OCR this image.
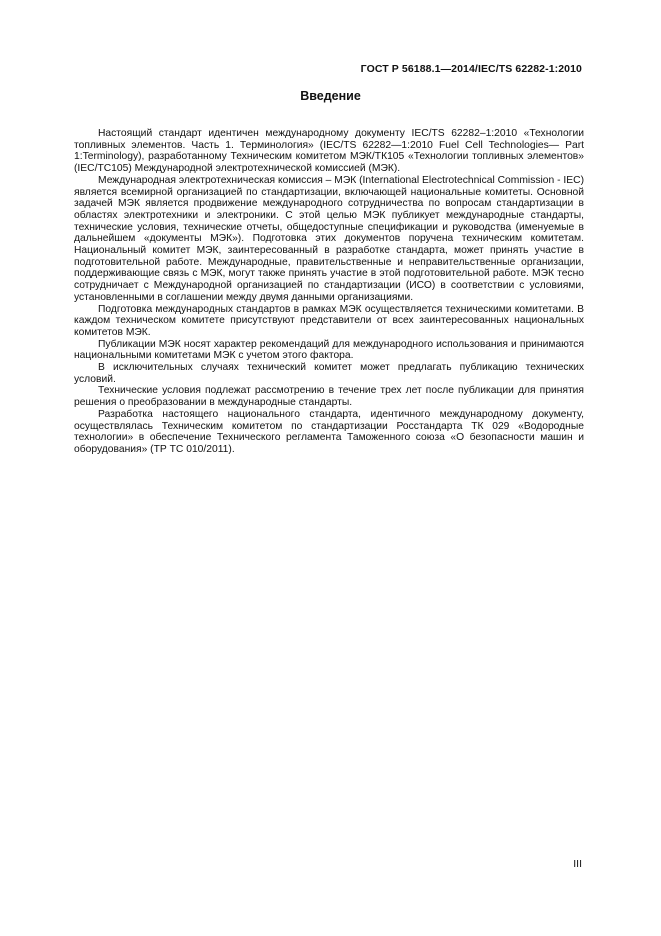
ГОСТ Р 56188.1—2014/IEC/TS 62282-1:2010
Введение

Настоящий стандарт идентичен международному документу IEC/TS 62282–1:2010 «Технологии топливных элементов. Часть 1. Терминология» (IEC/TS 62282—1:2010 Fuel Cell Technologies— Part 1:Terminology), разработанному Техническим комитетом МЭК/ТК105 «Технологии топливных элементов» (IEC/TC105) Международной электротехнической комиссией (МЭК).

Международная электротехническая комиссия – МЭК (International Electrotechnical Commission - IEC) является всемирной организацией по стандартизации, включающей национальные комитеты. Основной задачей МЭК является продвижение международного сотрудничества по вопросам стандартизации в областях электротехники и электроники. С этой целью МЭК публикует международные стандарты, технические условия, технические отчеты, общедоступные спецификации и руководства (именуемые в дальнейшем «документы МЭК»). Подготовка этих документов поручена техническим комитетам. Национальный комитет МЭК, заинтересованный в разработке стандарта, может принять участие в подготовительной работе. Международные, правительственные и неправительственные организации, поддерживающие связь с МЭК, могут также принять участие в этой подготовительной работе. МЭК тесно сотрудничает с Международной организацией по стандартизации (ИСО) в соответствии с условиями, установленными в соглашении между двумя данными организациями.

Подготовка международных стандартов в рамках МЭК осуществляется техническими комитетами. В каждом техническом комитете присутствуют представители от всех заинтересованных национальных комитетов МЭК.

Публикации МЭК носят характер рекомендаций для международного использования и принимаются национальными комитетами МЭК с учетом этого фактора.

В исключительных случаях технический комитет может предлагать публикацию технических условий.

Технические условия подлежат рассмотрению в течение трех лет после публикации для принятия решения о преобразовании в международные стандарты.

Разработка настоящего национального стандарта, идентичного международному документу, осуществлялась Техническим комитетом по стандартизации Росстандарта ТК 029 «Водородные технологии» в обеспечение Технического регламента Таможенного союза «О безопасности машин и оборудования» (ТР ТС 010/2011).

III
